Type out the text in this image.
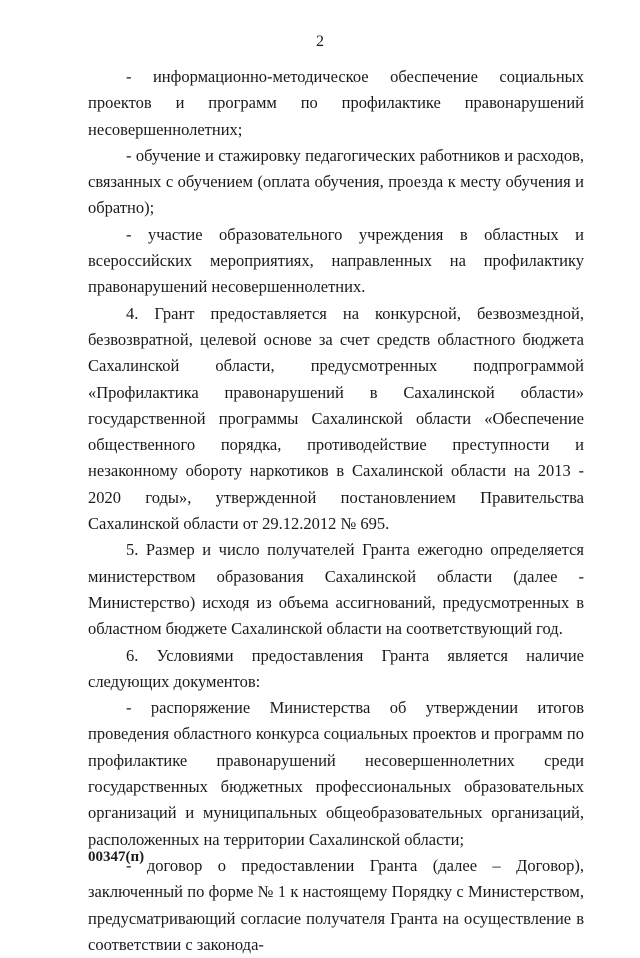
2

- информационно-методическое обеспечение социальных проектов и программ по профилактике правонарушений несовершеннолетних;

- обучение и стажировку педагогических работников и расходов, связанных с обучением (оплата обучения, проезда к месту обучения и обратно);

- участие образовательного учреждения в областных и всероссийских мероприятиях, направленных на профилактику правонарушений несовершеннолетних.

4. Грант предоставляется на конкурсной, безвозмездной, безвозвратной, целевой основе за счет средств областного бюджета Сахалинской области, предусмотренных подпрограммой «Профилактика правонарушений в Сахалинской области» государственной программы Сахалинской области «Обеспечение общественного порядка, противодействие преступности и незаконному обороту наркотиков в Сахалинской области на 2013 - 2020 годы», утвержденной постановлением Правительства Сахалинской области от 29.12.2012 № 695.

5. Размер и число получателей Гранта ежегодно определяется министерством образования Сахалинской области (далее - Министерство) исходя из объема ассигнований, предусмотренных в областном бюджете Сахалинской области на соответствующий год.

6. Условиями предоставления Гранта является наличие следующих документов:

- распоряжение Министерства об утверждении итогов проведения областного конкурса социальных проектов и программ по профилактике правонарушений несовершеннолетних среди государственных бюджетных профессиональных образовательных организаций и муниципальных общеобразовательных организаций, расположенных на территории Сахалинской области;

- договор о предоставлении Гранта (далее – Договор), заключенный по форме № 1 к настоящему Порядку с Министерством, предусматривающий согласие получателя Гранта на осуществление в соответствии с законода-

00347(п)
